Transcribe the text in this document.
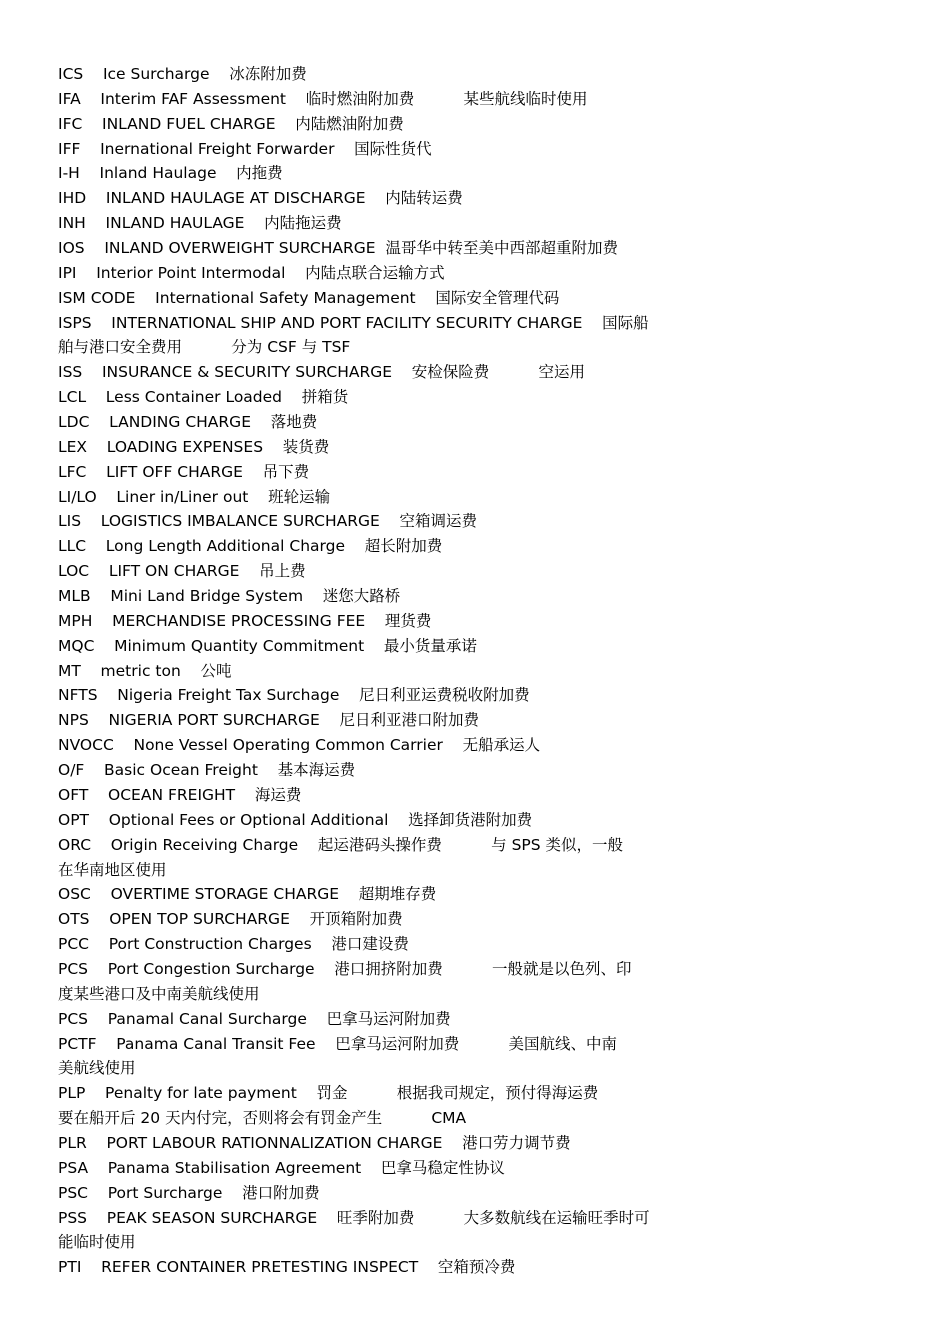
ICS    Ice Surcharge    冰冻附加费
IFA    Interim FAF Assessment    临时燃油附加费          某些航线临时使用
IFC    INLAND FUEL CHARGE    内陆燃油附加费
IFF    Inernational Freight Forwarder    国际性货代
I-H    Inland Haulage    内拖费
IHD    INLAND HAULAGE AT DISCHARGE    内陆转运费
INH    INLAND HAULAGE    内陆拖运费
IOS    INLAND OVERWEIGHT SURCHARGE  温哥华中转至美中西部超重附加费
IPI    Interior Point Intermodal    内陆点联合运输方式
ISM CODE    International Safety Management    国际安全管理代码
ISPS    INTERNATIONAL SHIP AND PORT FACILITY SECURITY CHARGE    国际船
舶与港口安全费用          分为 CSF 与 TSF
ISS    INSURANCE & SECURITY SURCHARGE    安检保险费          空运用
LCL    Less Container Loaded    拼箱货
LDC    LANDING CHARGE    落地费
LEX    LOADING EXPENSES    装货费
LFC    LIFT OFF CHARGE    吊下费
LI/LO    Liner in/Liner out    班轮运输
LIS    LOGISTICS IMBALANCE SURCHARGE    空箱调运费
LLC    Long Length Additional Charge    超长附加费
LOC    LIFT ON CHARGE    吊上费
MLB    Mini Land Bridge System    迷您大路桥
MPH    MERCHANDISE PROCESSING FEE    理货费
MQC    Minimum Quantity Commitment    最小货量承诺
MT    metric ton    公吨
NFTS    Nigeria Freight Tax Surchage    尼日利亚运费税收附加费
NPS    NIGERIA PORT SURCHARGE    尼日利亚港口附加费
NVOCC    None Vessel Operating Common Carrier    无船承运人
O/F    Basic Ocean Freight    基本海运费
OFT    OCEAN FREIGHT    海运费
OPT    Optional Fees or Optional Additional    选择卸货港附加费
ORC    Origin Receiving Charge    起运港码头操作费          与 SPS 类似，一般
在华南地区使用
OSC    OVERTIME STORAGE CHARGE    超期堆存费
OTS    OPEN TOP SURCHARGE    开顶箱附加费
PCC    Port Construction Charges    港口建设费
PCS    Port Congestion Surcharge    港口拥挤附加费          一般就是以色列、印
度某些港口及中南美航线使用
PCS    Panamal Canal Surcharge    巴拿马运河附加费
PCTF    Panama Canal Transit Fee    巴拿马运河附加费          美国航线、中南
美航线使用
PLP    Penalty for late payment    罚金          根据我司规定，预付得海运费
要在船开后 20 天内付完，否则将会有罚金产生          CMA
PLR    PORT LABOUR RATIONNALIZATION CHARGE    港口劳力调节费
PSA    Panama Stabilisation Agreement    巴拿马稳定性协议
PSC    Port Surcharge    港口附加费
PSS    PEAK SEASON SURCHARGE    旺季附加费          大多数航线在运输旺季时可
能临时使用
PTI    REFER CONTAINER PRETESTING INSPECT    空箱预冷费
